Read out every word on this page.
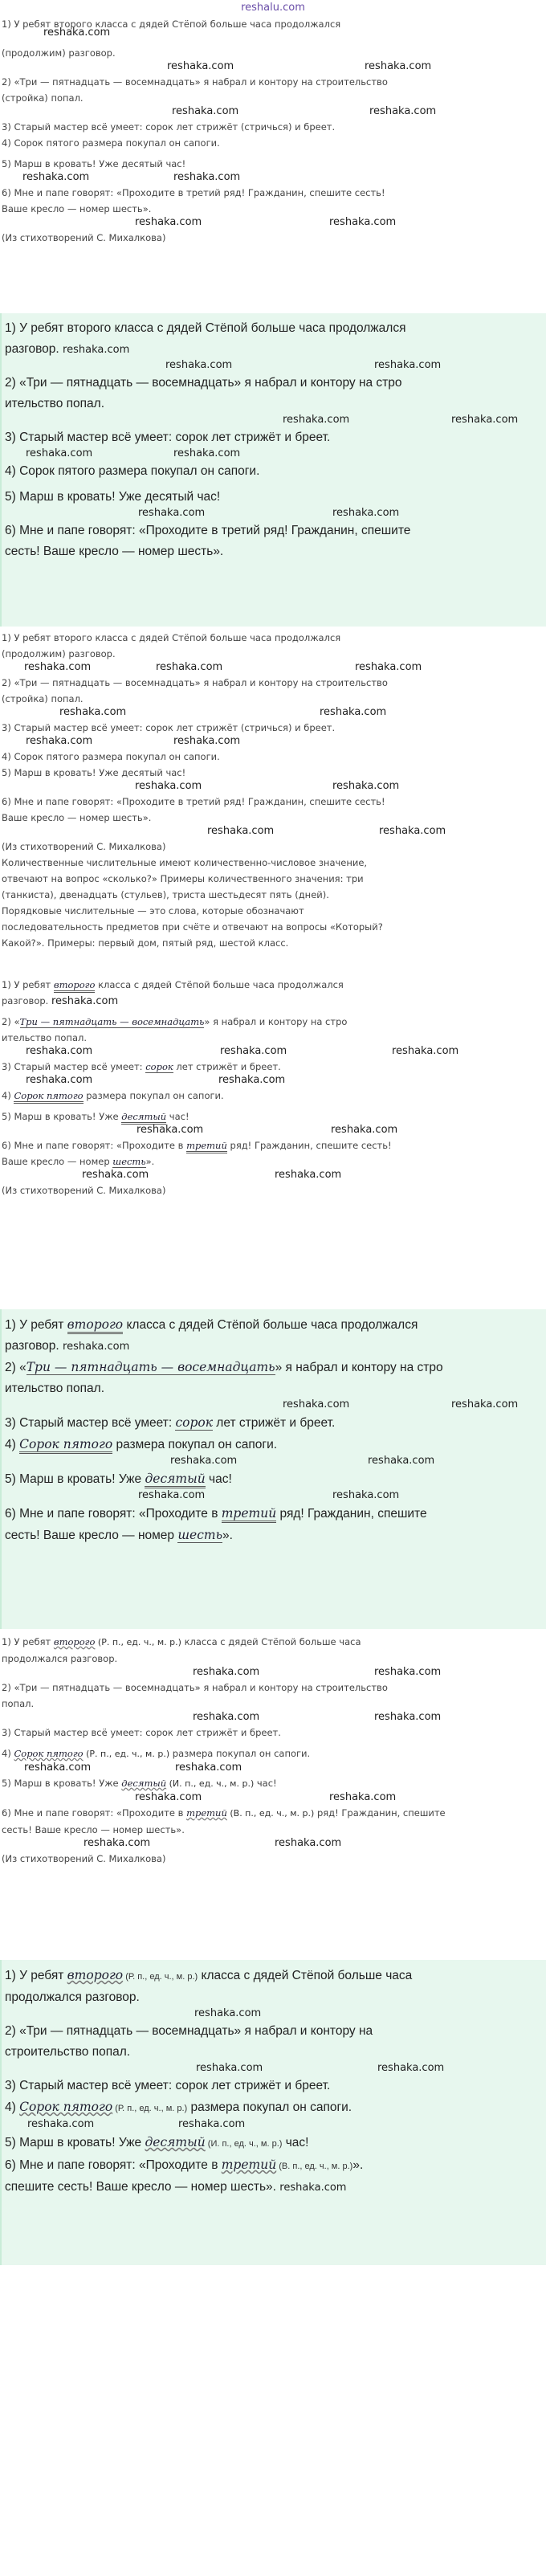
reshalu.com
1) У ребят второго класса с дядей Стёпой больше часа продолжался
reshaka.com
(продолжим) разговор.
reshaka.com	reshaka.com
2) «Три — пятнадцать — восемнадцать» я набрал и контору на строительство
(стройка) попал.
reshaka.com	reshaka.com
3) Старый мастер всё умеет: сорок лет стрижёт (стричься) и бреет.
4) Сорок пятого размера покупал он сапоги.
5) Марш в кровать! Уже десятый час!
reshaka.com	reshaka.com
6) Мне и папе говорят: «Проходите в третий ряд! Гражданин, спешите сесть!
Ваше кресло — номер шесть».
reshaka.com	reshaka.com
(Из стихотворений С. Михалкова)
1) У ребят второго класса с дядей Стёпой больше часа продолжался
разговор. reshaka.com
reshaka.com	reshaka.com
2) «Три — пятнадцать — восемнадцать» я набрал и контору на стро
ительство попал.
reshaka.com	reshaka.com
3) Старый мастер всё умеет: сорок лет стрижёт и бреет.
reshaka.com	reshaka.com
4) Сорок пятого размера покупал он сапоги.
5) Марш в кровать! Уже десятый час!
reshaka.com	reshaka.com
6) Мне и папе говорят: «Проходите в третий ряд! Гражданин, спешите
сесть! Ваше кресло — номер шесть».
1) У ребят второго класса с дядей Стёпой больше часа продолжался
(продолжим) разговор.
reshaka.com	reshaka.com	reshaka.com
2) «Три — пятнадцать — восемнадцать» я набрал и контору на строительство
(стройка) попал.
reshaka.com	reshaka.com
3) Старый мастер всё умеет: сорок лет стрижёт (стричься) и бреет.
reshaka.com	reshaka.com
4) Сорок пятого размера покупал он сапоги.
5) Марш в кровать! Уже десятый час!
reshaka.com	reshaka.com
6) Мне и папе говорят: «Проходите в третий ряд! Гражданин, спешите сесть!
Ваше кресло — номер шесть».
reshaka.com	reshaka.com
(Из стихотворений С. Михалкова)
Количественные числительные имеют количественно-числовое значение,
отвечают на вопрос «сколько?» Примеры количественного значения: три
(танкиста), двенадцать (стульев), триста шестьдесят пять (дней).
Порядковые числительные — это слова, которые обозначают
последовательность предметов при счёте и отвечают на вопросы «Который?
Какой?». Примеры: первый дом, пятый ряд, шестой класс.
1) У ребят второго класса с дядей Стёпой больше часа продолжался
разговор. reshaka.com
2) «Три — пятнадцать — восемнадцать» я набрал и контору на стро
ительство попал.
reshaka.com	reshaka.com	reshaka.com
3) Старый мастер всё умеет: сорок лет стрижёт и бреет.
reshaka.com	reshaka.com
4) Сорок пятого размера покупал он сапоги.
5) Марш в кровать! Уже десятый час!
reshaka.com	reshaka.com
6) Мне и папе говорят: «Проходите в третий ряд! Гражданин, спешите сесть!
Ваше кресло — номер шесть».
reshaka.com	reshaka.com
(Из стихотворений С. Михалкова)
1) У ребят второго класса с дядей Стёпой больше часа продолжался
разговор. reshaka.com
2) «Три — пятнадцать — восемнадцать» я набрал и контору на стро
ительство попал.
reshaka.com	reshaka.com
3) Старый мастер всё умеет: сорок лет стрижёт и бреет.
4) Сорок пятого размера покупал он сапоги.
reshaka.com	reshaka.com
5) Марш в кровать! Уже десятый час!
reshaka.com	reshaka.com
6) Мне и папе говорят: «Проходите в третий ряд! Гражданин, спешите
сесть! Ваше кресло — номер шесть».
1) У ребят второго (Р. п., ед. ч., м. р.) класса с дядей Стёпой больше часа
продолжался разговор.
reshaka.com	reshaka.com
2) «Три — пятнадцать — восемнадцать» я набрал и контору на строительство
попал.
reshaka.com	reshaka.com
3) Старый мастер всё умеет: сорок лет стрижёт и бреет.
4) Сорок пятого (Р. п., ед. ч., м. р.) размера покупал он сапоги.
reshaka.com	reshaka.com
5) Марш в кровать! Уже десятый (И. п., ед. ч., м. р.) час!
reshaka.com	reshaka.com
6) Мне и папе говорят: «Проходите в третий (В. п., ед. ч., м. р.) ряд! Гражданин, спешите
сесть! Ваше кресло — номер шесть».
reshaka.com	reshaka.com
(Из стихотворений С. Михалкова)
1) У ребят второго (Р. п., ед. ч., м. р.) класса с дядей Стёпой больше часа
продолжался разговор.
reshaka.com
2) «Три — пятнадцать — восемнадцать» я набрал и контору на
строительство попал.
reshaka.com	reshaka.com
3) Старый мастер всё умеет: сорок лет стрижёт и бреет.
4) Сорок пятого (Р. п., ед. ч., м. р.) размера покупал он сапоги.
reshaka.com	reshaka.com
5) Марш в кровать! Уже десятый (И. п., ед. ч., м. р.) час!
6) Мне и папе говорят: «Проходите в третий (В. п., ед. ч., м. р.)».
спешите сесть! Ваше кресло — номер шесть». reshaka.com
